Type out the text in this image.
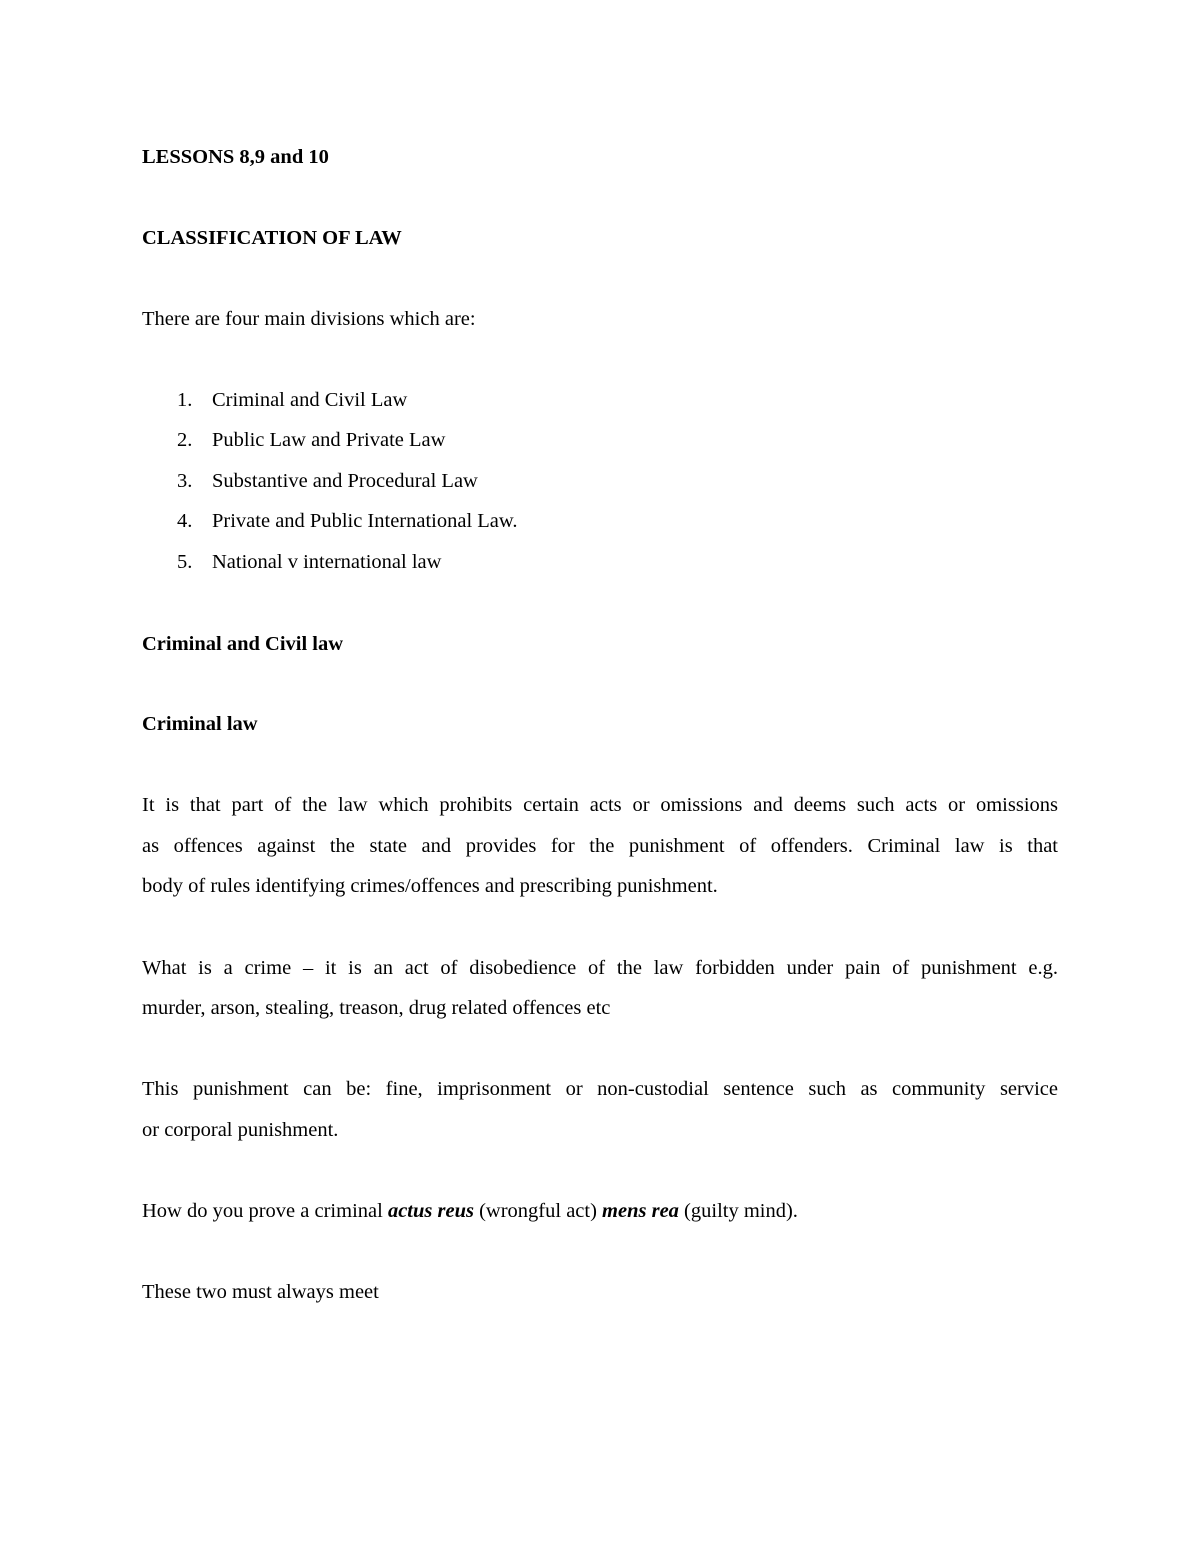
LESSONS 8,9 and 10
CLASSIFICATION OF LAW
There are four main divisions which are:
1. Criminal and Civil Law
2. Public Law and Private Law
3. Substantive and Procedural Law
4. Private and Public International Law.
5. National v international law
Criminal and Civil law
Criminal law
It is that part of the law which prohibits certain acts or omissions and deems such acts or omissions
as offences against the state and provides for the punishment of offenders. Criminal law is that
body of rules identifying crimes/offences and prescribing punishment.
What is a crime – it is an act of disobedience of the law forbidden under pain of punishment e.g.
murder, arson, stealing, treason, drug related offences etc
This punishment can be: fine, imprisonment or non-custodial sentence such as community service
or corporal punishment.
How do you prove a criminal actus reus (wrongful act) mens rea (guilty mind).
These two must always meet
